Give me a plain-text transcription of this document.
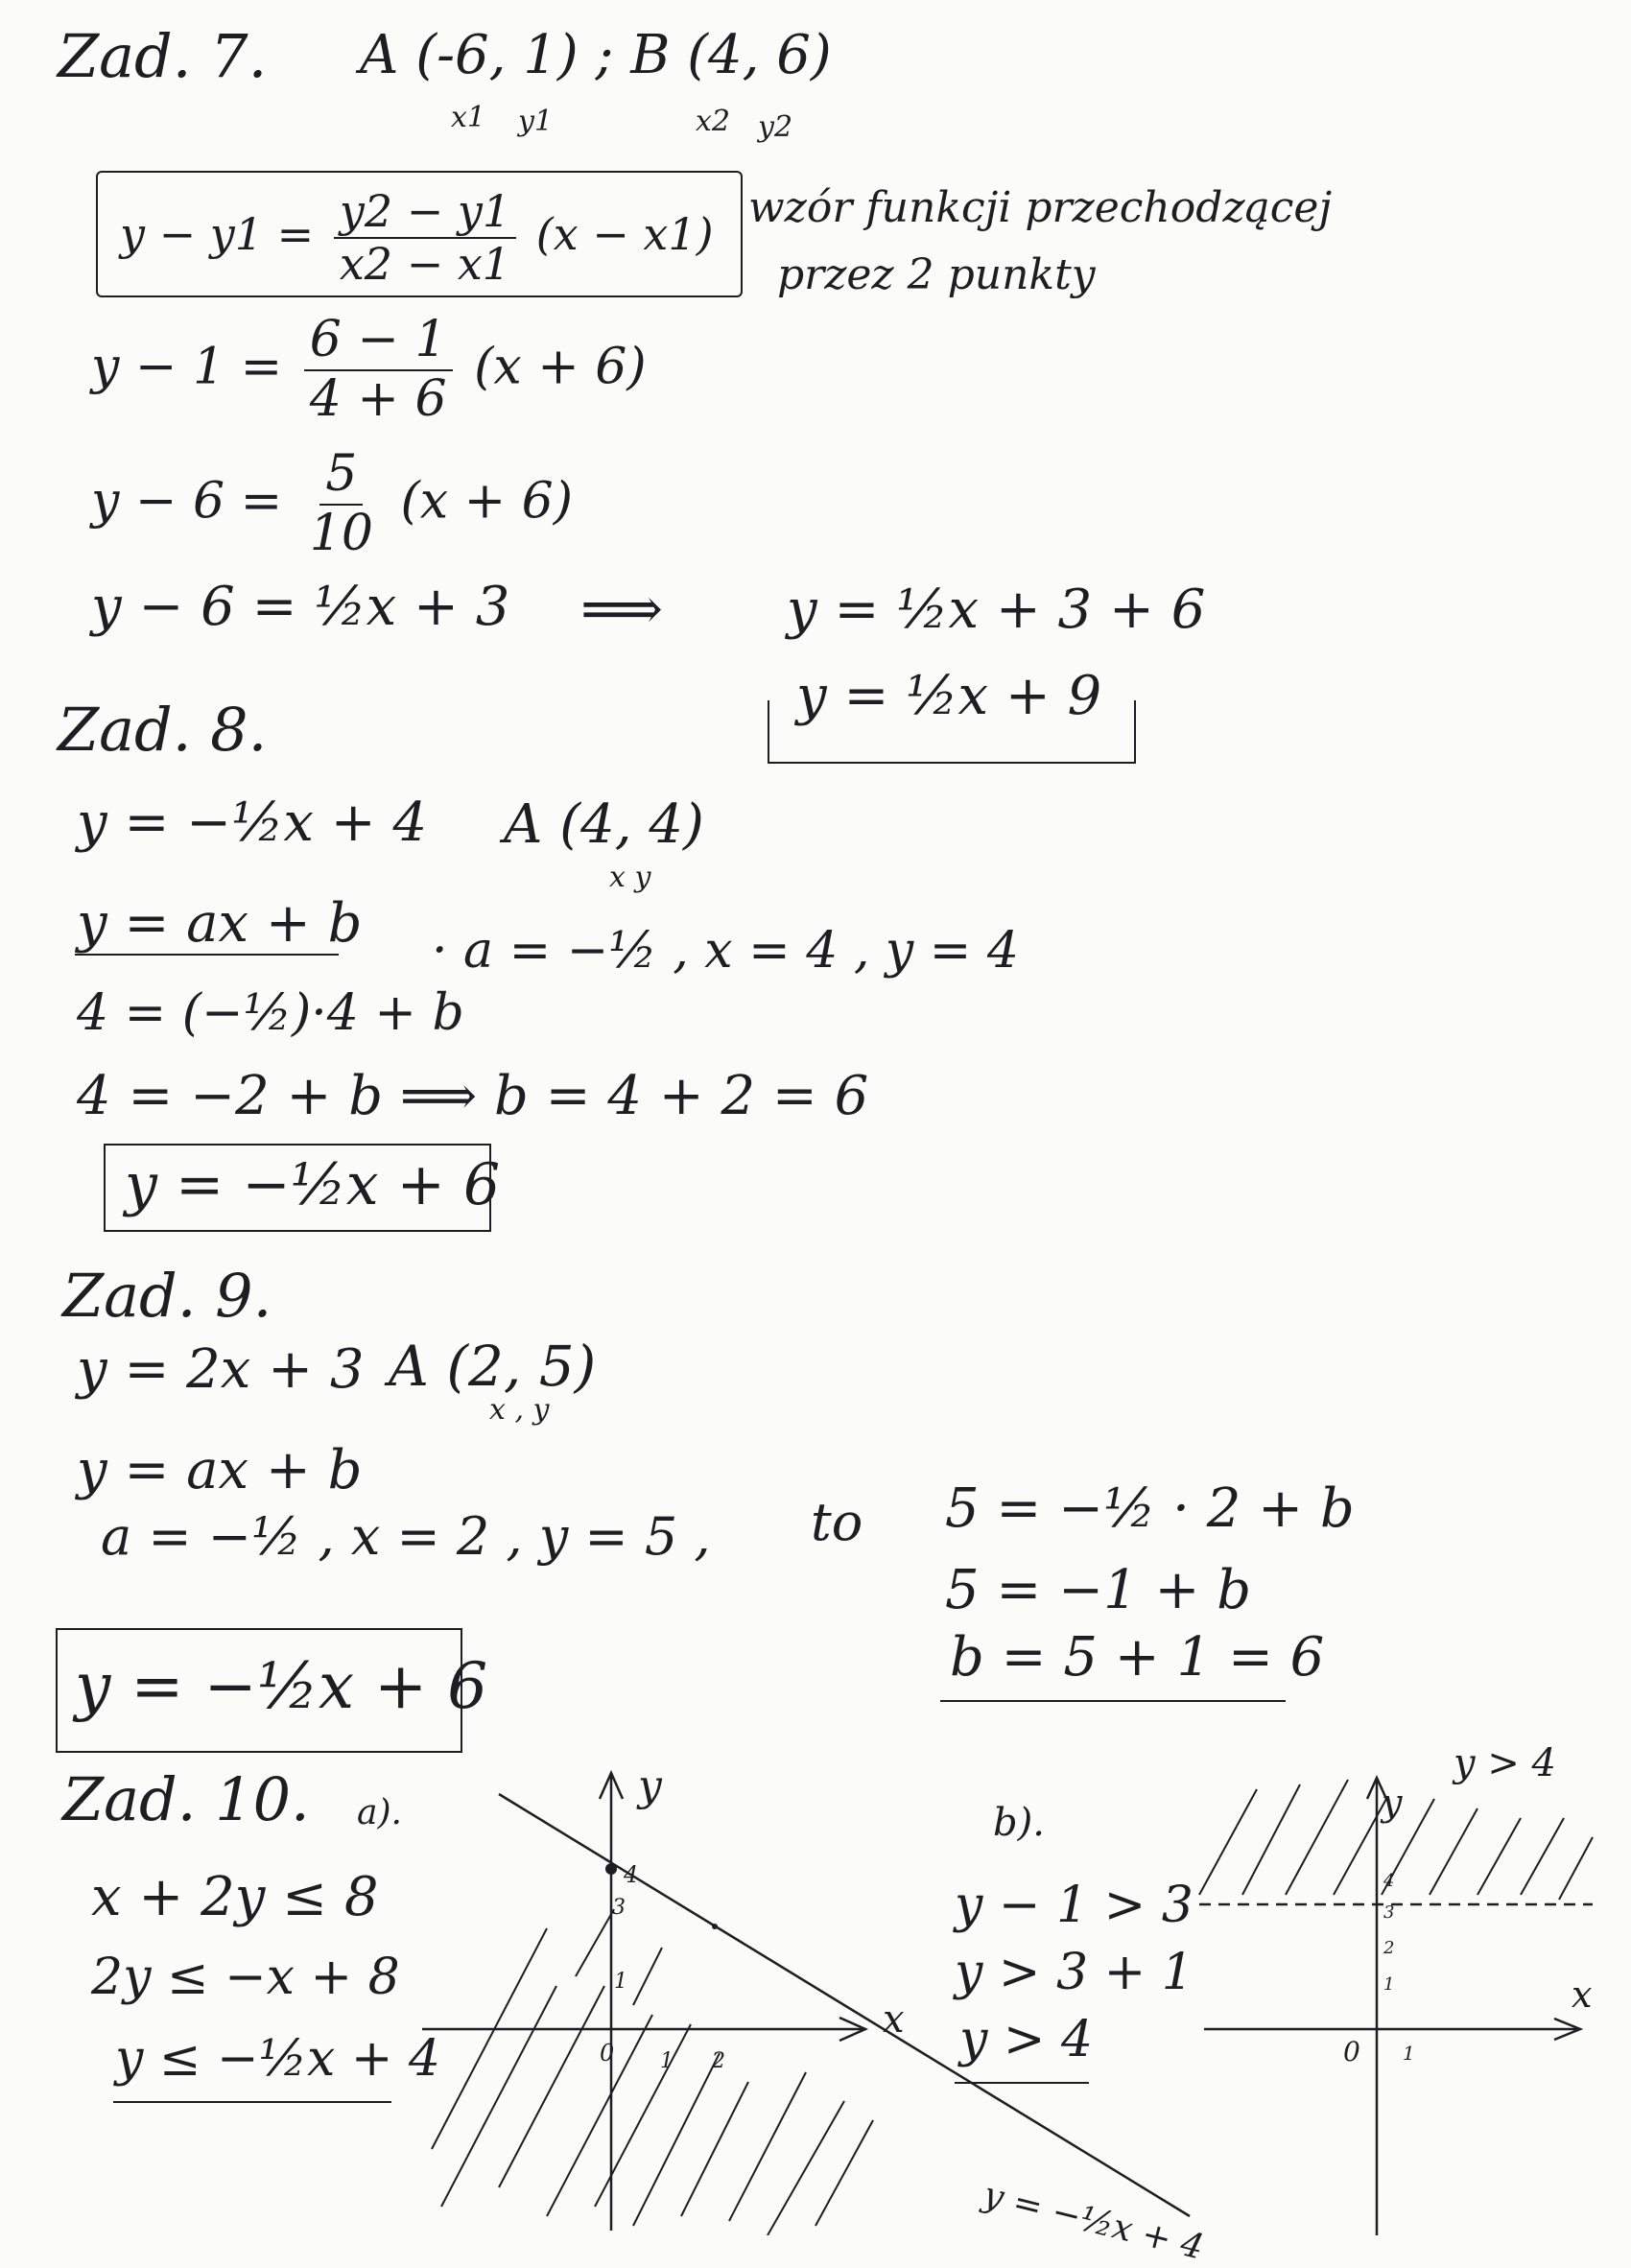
Zad. 7. A (-6, 1) ; B (4, 6)
x1 y1	x2 y2
$y - y1 = \frac{y2 - y1}{x2 - x1} (x - x1)$
wzór funkcji przechodzącej
przez 2 punkty
$y - 1 = \frac{6 - 1}{4 + 6} (x + 6)$
$y - 6 = \frac{5}{10} (x + 6)$
y − 6 = ½x + 3 ⟹ y = ½x + 3 + 6
y = ½x + 9
Zad. 8.
y = −½x + 4 A (4, 4)
x y
y = ax + b · a = −½ , x = 4 , y = 4
4 = (−½)·4 + b
4 = −2 + b ⟹ b = 4 + 2 = 6
y = −½x + 6
Zad. 9.
y = 2x + 3 A (2, 5)
x , y
y = ax + b
a = −½ , x = 2 , y = 5 , to 5 = −½ · 2 + b
5 = −1 + b
b = 5 + 1 = 6
y = −½x + 6
Zad. 10. a).
x + 2y ≤ 8
2y ≤ −x + 8
y ≤ −½x + 4
y
x
0
1
3
4
1 2
y = −½x + 4
b).
y − 1 > 3
y > 3 + 1
y > 4
y > 4
y
x
0
1
2
3
4
1
